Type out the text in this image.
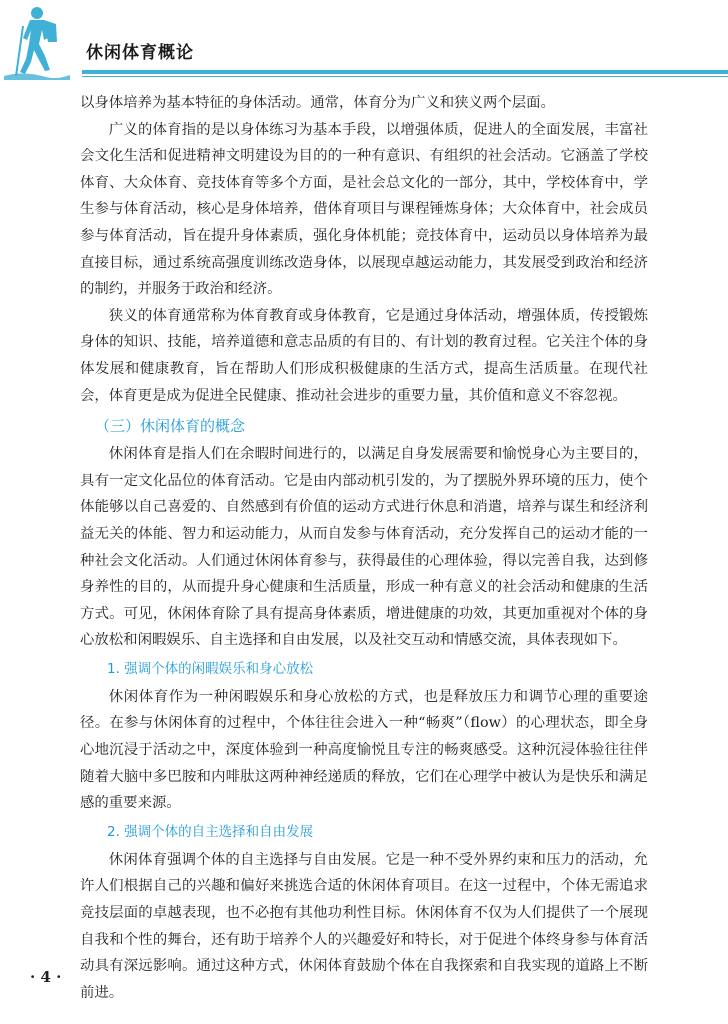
休闲体育概论

以身体培养为基本特征的身体活动。通常，体育分为广义和狭义两个层面。

广义的体育指的是以身体练习为基本手段，以增强体质，促进人的全面发展，丰富社会文化生活和促进精神文明建设为目的的一种有意识、有组织的社会活动。它涵盖了学校体育、大众体育、竞技体育等多个方面，是社会总文化的一部分，其中，学校体育中，学生参与体育活动，核心是身体培养，借体育项目与课程锤炼身体；大众体育中，社会成员参与体育活动，旨在提升身体素质，强化身体机能；竞技体育中，运动员以身体培养为最直接目标，通过系统高强度训练改造身体，以展现卓越运动能力，其发展受到政治和经济的制约，并服务于政治和经济。

狭义的体育通常称为体育教育或身体教育，它是通过身体活动，增强体质，传授锻炼身体的知识、技能，培养道德和意志品质的有目的、有计划的教育过程。它关注个体的身体发展和健康教育，旨在帮助人们形成积极健康的生活方式，提高生活质量。在现代社会，体育更是成为促进全民健康、推动社会进步的重要力量，其价值和意义不容忽视。

（三）休闲体育的概念

休闲体育是指人们在余暇时间进行的，以满足自身发展需要和愉悦身心为主要目的，具有一定文化品位的体育活动。它是由内部动机引发的，为了摆脱外界环境的压力，使个体能够以自己喜爱的、自然感到有价值的运动方式进行休息和消遣，培养与谋生和经济利益无关的体能、智力和运动能力，从而自发参与体育活动，充分发挥自己的运动才能的一种社会文化活动。人们通过休闲体育参与，获得最佳的心理体验，得以完善自我，达到修身养性的目的，从而提升身心健康和生活质量，形成一种有意义的社会活动和健康的生活方式。可见，休闲体育除了具有提高身体素质，增进健康的功效，其更加重视对个体的身心放松和闲暇娱乐、自主选择和自由发展，以及社交互动和情感交流，具体表现如下。

1. 强调个体的闲暇娱乐和身心放松

休闲体育作为一种闲暇娱乐和身心放松的方式，也是释放压力和调节心理的重要途径。在参与休闲体育的过程中，个体往往会进入一种“畅爽”（flow）的心理状态，即全身心地沉浸于活动之中，深度体验到一种高度愉悦且专注的畅爽感受。这种沉浸体验往往伴随着大脑中多巴胺和内啡肽这两种神经递质的释放，它们在心理学中被认为是快乐和满足感的重要来源。

2. 强调个体的自主选择和自由发展

休闲体育强调个体的自主选择与自由发展。它是一种不受外界约束和压力的活动，允许人们根据自己的兴趣和偏好来挑选合适的休闲体育项目。在这一过程中，个体无需追求竞技层面的卓越表现，也不必抱有其他功利性目标。休闲体育不仅为人们提供了一个展现自我和个性的舞台，还有助于培养个人的兴趣爱好和特长，对于促进个体终身参与体育活动具有深远影响。通过这种方式，休闲体育鼓励个体在自我探索和自我实现的道路上不断前进。

· 4 ·
